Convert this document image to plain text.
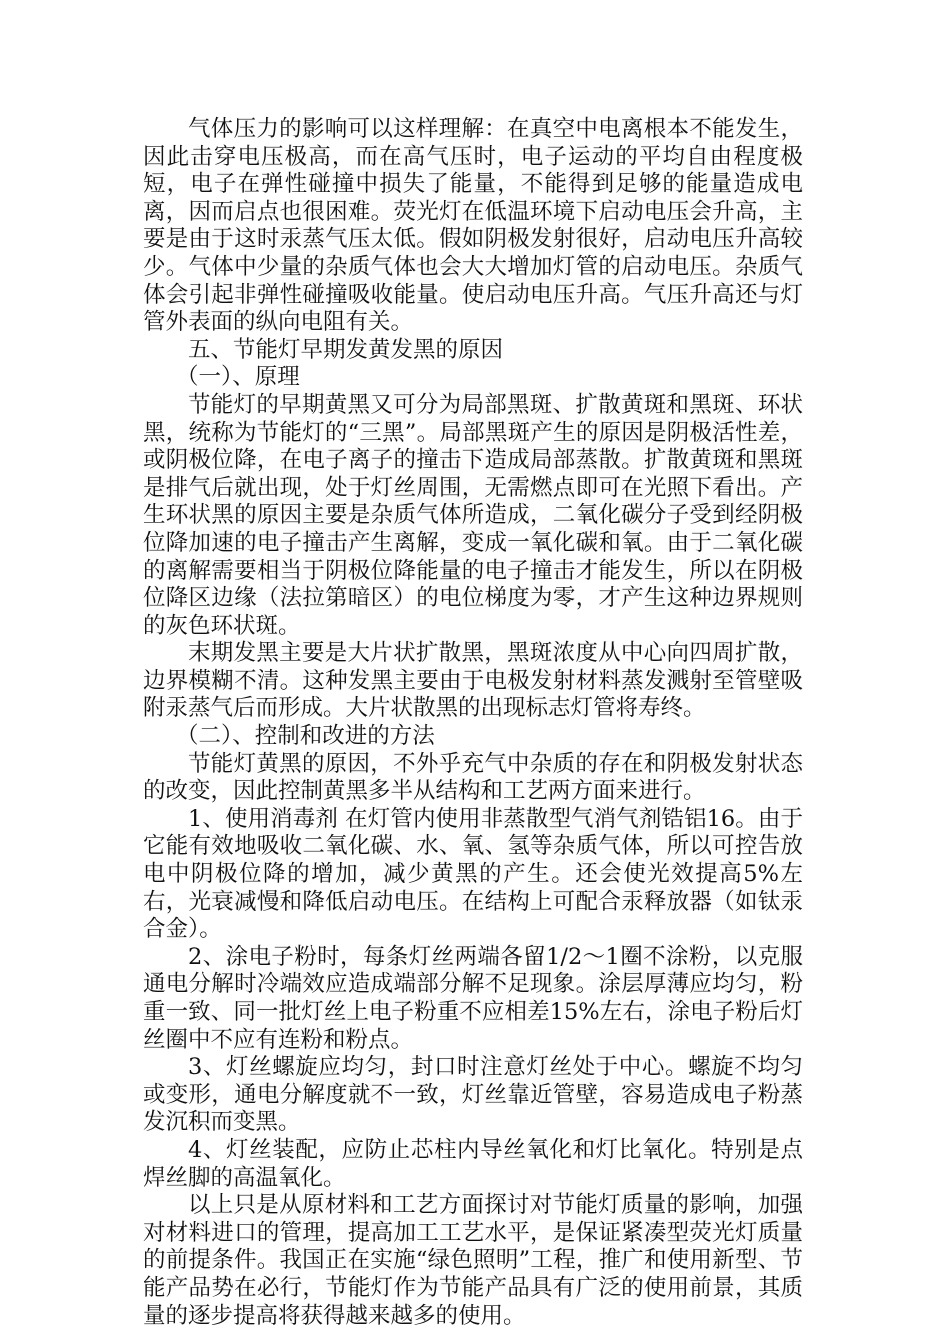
气体压力的影响可以这样理解：在真空中电离根本不能发生，因此击穿电压极高，而在高气压时，电子运动的平均自由程度极短，电子在弹性碰撞中损失了能量，不能得到足够的能量造成电离，因而启点也很困难。荧光灯在低温环境下启动电压会升高，主要是由于这时汞蒸气压太低。假如阴极发射很好，启动电压升高较少。气体中少量的杂质气体也会大大增加灯管的启动电压。杂质气体会引起非弹性碰撞吸收能量。使启动电压升高。气压升高还与灯管外表面的纵向电阻有关。

五、节能灯早期发黄发黑的原因

（一）、原理

节能灯的早期黄黑又可分为局部黑斑、扩散黄斑和黑斑、环状黑，统称为节能灯的“三黑”。局部黑斑产生的原因是阴极活性差，或阴极位降，在电子离子的撞击下造成局部蒸散。扩散黄斑和黑斑是排气后就出现，处于灯丝周围，无需燃点即可在光照下看出。产生环状黑的原因主要是杂质气体所造成，二氧化碳分子受到经阴极位降加速的电子撞击产生离解，变成一氧化碳和氧。由于二氧化碳的离解需要相当于阴极位降能量的电子撞击才能发生，所以在阴极位降区边缘（法拉第暗区）的电位梯度为零，才产生这种边界规则的灰色环状斑。

末期发黑主要是大片状扩散黑，黑斑浓度从中心向四周扩散，边界模糊不清。这种发黑主要由于电极发射材料蒸发溅射至管壁吸附汞蒸气后而形成。大片状散黑的出现标志灯管将寿终。

（二）、控制和改进的方法

节能灯黄黑的原因，不外乎充气中杂质的存在和阴极发射状态的改变，因此控制黄黑多半从结构和工艺两方面来进行。

1、使用消毒剂 在灯管内使用非蒸散型气消气剂锆铝16。由于它能有效地吸收二氧化碳、水、氧、氢等杂质气体，所以可控告放电中阴极位降的增加，减少黄黑的产生。还会使光效提高5%左右，光衰减慢和降低启动电压。在结构上可配合汞释放器（如钛汞合金）。

2、涂电子粉时，每条灯丝两端各留1/2～1圈不涂粉，以克服通电分解时冷端效应造成端部分解不足现象。涂层厚薄应均匀，粉重一致、同一批灯丝上电子粉重不应相差15%左右，涂电子粉后灯丝圈中不应有连粉和粉点。

3、灯丝螺旋应均匀，封口时注意灯丝处于中心。螺旋不均匀或变形，通电分解度就不一致，灯丝靠近管壁，容易造成电子粉蒸发沉积而变黑。

4、灯丝装配，应防止芯柱内导丝氧化和灯比氧化。特别是点焊丝脚的高温氧化。

以上只是从原材料和工艺方面探讨对节能灯质量的影响，加强对材料进口的管理，提高加工工艺水平，是保证紧凑型荧光灯质量的前提条件。我国正在实施“绿色照明”工程，推广和使用新型、节能产品势在必行，节能灯作为节能产品具有广泛的使用前景，其质量的逐步提高将获得越来越多的使用。
